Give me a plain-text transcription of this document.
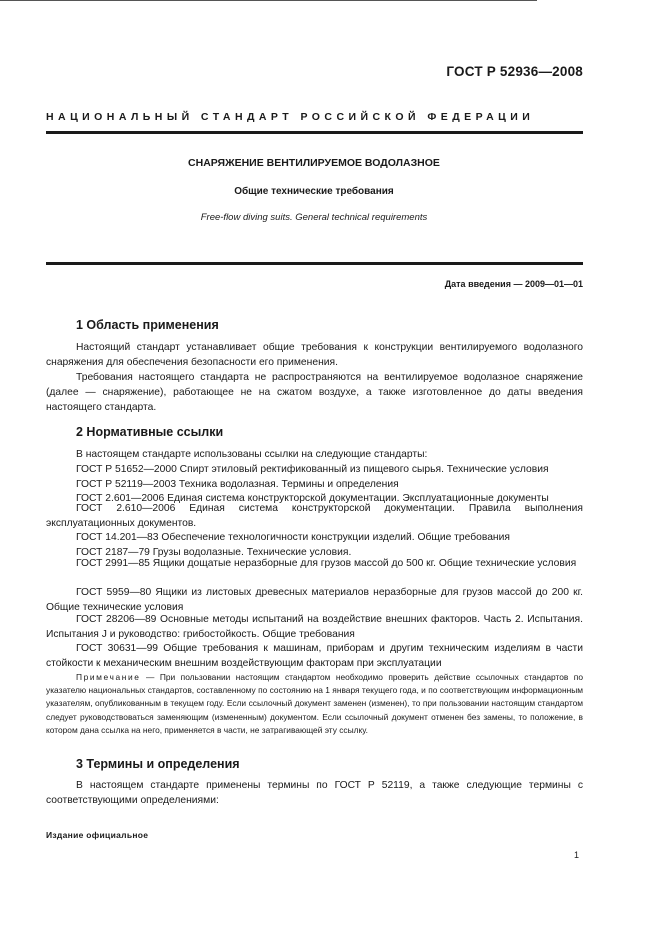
ГОСТ Р 52936—2008
НАЦИОНАЛЬНЫЙ СТАНДАРТ РОССИЙСКОЙ ФЕДЕРАЦИИ
СНАРЯЖЕНИЕ ВЕНТИЛИРУЕМОЕ ВОДОЛАЗНОЕ
Общие технические требования
Free-flow diving suits. General technical requirements
Дата введения — 2009—01—01
1 Область применения
Настоящий стандарт устанавливает общие требования к конструкции вентилируемого водолазного снаряжения для обеспечения безопасности его применения.
Требования настоящего стандарта не распространяются на вентилируемое водолазное снаряжение (далее — снаряжение), работающее не на сжатом воздухе, а также изготовленное до даты введения настоящего стандарта.
2 Нормативные ссылки
В настоящем стандарте использованы ссылки на следующие стандарты:
ГОСТ Р 51652—2000 Спирт этиловый ректификованный из пищевого сырья. Технические условия
ГОСТ Р 52119—2003 Техника водолазная. Термины и определения
ГОСТ 2.601—2006 Единая система конструкторской документации. Эксплуатационные документы
ГОСТ 2.610—2006 Единая система конструкторской документации. Правила выполнения эксплуатационных документов.
ГОСТ 14.201—83 Обеспечение технологичности конструкции изделий. Общие требования
ГОСТ 2187—79 Грузы водолазные. Технические условия.
ГОСТ 2991—85 Ящики дощатые неразборные для грузов массой до 500 кг. Общие технические условия
ГОСТ 5959—80 Ящики из листовых древесных материалов неразборные для грузов массой до 200 кг. Общие технические условия
ГОСТ 28206—89 Основные методы испытаний на воздействие внешних факторов. Часть 2. Испытания. Испытания J и руководство: грибостойкость. Общие требования
ГОСТ 30631—99 Общие требования к машинам, приборам и другим техническим изделиям в части стойкости к механическим внешним воздействующим факторам при эксплуатации
Примечание — При пользовании настоящим стандартом необходимо проверить действие ссылочных стандартов по указателю национальных стандартов, составленному по состоянию на 1 января текущего года, и по соответствующим информационным указателям, опубликованным в текущем году. Если ссылочный документ заменен (изменен), то при пользовании настоящим стандартом следует руководствоваться заменяющим (измененным) документом. Если ссылочный документ отменен без замены, то положение, в котором дана ссылка на него, применяется в части, не затрагивающей эту ссылку.
3 Термины и определения
В настоящем стандарте применены термины по ГОСТ Р 52119, а также следующие термины с соответствующими определениями:
Издание официальное
1
